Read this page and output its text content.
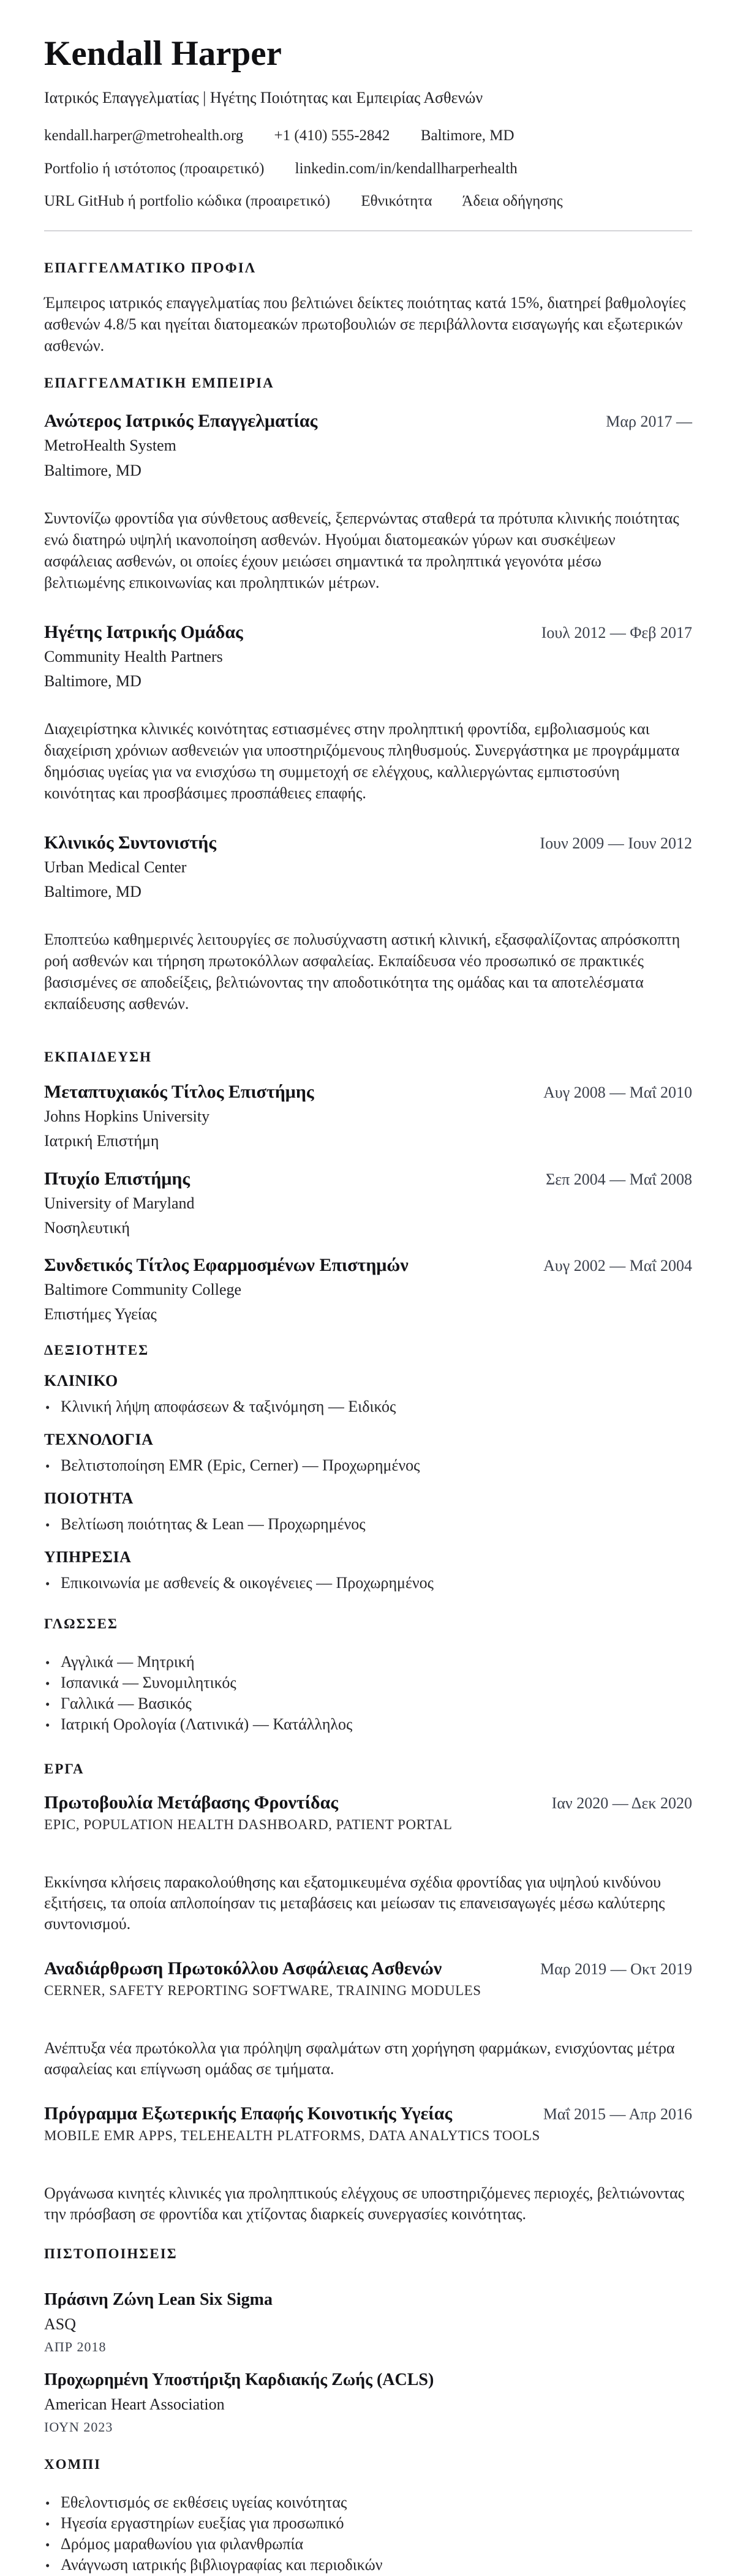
Kendall Harper

Ιατρικός Επαγγελματίας | Ηγέτης Ποιότητας και Εμπειρίας Ασθενών

kendall.harper@metrohealth.org +1 (410) 555-2842 Baltimore, MD

Portfolio ή ιστότοπος (προαιρετικό) linkedin.com/in/kendallharperhealth

URL GitHub ή portfolio κώδικα (προαιρετικό) Εθνικότητα Άδεια οδήγησης

ΕΠΑΓΓΕΛΜΑΤΙΚΟ ΠΡΟΦΙΛ

Έμπειρος ιατρικός επαγγελματίας που βελτιώνει δείκτες ποιότητας κατά 15%, διατηρεί βαθμολογίες ασθενών 4.8/5 και ηγείται διατομεακών πρωτοβουλιών σε περιβάλλοντα εισαγωγής και εξωτερικών ασθενών.

ΕΠΑΓΓΕΛΜΑΤΙΚΗ ΕΜΠΕΙΡΙΑ
Ανώτερος Ιατρικός Επαγγελματίας	Μαρ 2017 —

MetroHealth System

Baltimore, MD

Συντονίζω φροντίδα για σύνθετους ασθενείς, ξεπερνώντας σταθερά τα πρότυπα κλινικής ποιότητας ενώ διατηρώ υψηλή ικανοποίηση ασθενών. Ηγούμαι διατομεακών γύρων και συσκέψεων ασφάλειας ασθενών, οι οποίες έχουν μειώσει σημαντικά τα προληπτικά γεγονότα μέσω βελτιωμένης επικοινωνίας και προληπτικών μέτρων.

Ηγέτης Ιατρικής Ομάδας	Ιουλ 2012 — Φεβ 2017

Community Health Partners

Baltimore, MD

Διαχειρίστηκα κλινικές κοινότητας εστιασμένες στην προληπτική φροντίδα, εμβολιασμούς και διαχείριση χρόνιων ασθενειών για υποστηριζόμενους πληθυσμούς. Συνεργάστηκα με προγράμματα δημόσιας υγείας για να ενισχύσω τη συμμετοχή σε ελέγχους, καλλιεργώντας εμπιστοσύνη κοινότητας και προσβάσιμες προσπάθειες επαφής.

Κλινικός Συντονιστής	Ιουν 2009 — Ιουν 2012

Urban Medical Center

Baltimore, MD

Εποπτεύω καθημερινές λειτουργίες σε πολυσύχναστη αστική κλινική, εξασφαλίζοντας απρόσκοπτη ροή ασθενών και τήρηση πρωτοκόλλων ασφαλείας. Εκπαίδευσα νέο προσωπικό σε πρακτικές βασισμένες σε αποδείξεις, βελτιώνοντας την αποδοτικότητα της ομάδας και τα αποτελέσματα εκπαίδευσης ασθενών.

ΕΚΠΑΙΔΕΥΣΗ
Μεταπτυχιακός Τίτλος Επιστήμης	Αυγ 2008 — Μαΐ 2010

Johns Hopkins University

Ιατρική Επιστήμη

Πτυχίο Επιστήμης	Σεπ 2004 — Μαΐ 2008

University of Maryland

Νοσηλευτική

Συνδετικός Τίτλος Εφαρμοσμένων Επιστημών	Αυγ 2002 — Μαΐ 2004

Baltimore Community College

Επιστήμες Υγείας

ΔΕΞΙΟΤΗΤΕΣ
ΚΛΙΝΙΚΟ
• Κλινική λήψη αποφάσεων & ταξινόμηση — Ειδικός
ΤΕΧΝΟΛΟΓΙΑ
• Βελτιστοποίηση EMR (Epic, Cerner) — Προχωρημένος
ΠΟΙΟΤΗΤΑ
• Βελτίωση ποιότητας & Lean — Προχωρημένος
ΥΠΗΡΕΣΙΑ
• Επικοινωνία με ασθενείς & οικογένειες — Προχωρημένος
ΓΛΩΣΣΕΣ
• Αγγλικά — Μητρική
• Ισπανικά — Συνομιλητικός
• Γαλλικά — Βασικός
• Ιατρική Ορολογία (Λατινικά) — Κατάλληλος
ΕΡΓΑ
Πρωτοβουλία Μετάβασης Φροντίδας	Ιαν 2020 — Δεκ 2020

EPIC, POPULATION HEALTH DASHBOARD, PATIENT PORTAL

Εκκίνησα κλήσεις παρακολούθησης και εξατομικευμένα σχέδια φροντίδας για υψηλού κινδύνου εξιτήσεις, τα οποία απλοποίησαν τις μεταβάσεις και μείωσαν τις επανεισαγωγές μέσω καλύτερης συντονισμού.

Αναδιάρθρωση Πρωτοκόλλου Ασφάλειας Ασθενών	Μαρ 2019 — Οκτ 2019

CERNER, SAFETY REPORTING SOFTWARE, TRAINING MODULES

Ανέπτυξα νέα πρωτόκολλα για πρόληψη σφαλμάτων στη χορήγηση φαρμάκων, ενισχύοντας μέτρα ασφαλείας και επίγνωση ομάδας σε τμήματα.

Πρόγραμμα Εξωτερικής Επαφής Κοινοτικής Υγείας	Μαΐ 2015 — Απρ 2016

MOBILE EMR APPS, TELEHEALTH PLATFORMS, DATA ANALYTICS TOOLS

Οργάνωσα κινητές κλινικές για προληπτικούς ελέγχους σε υποστηριζόμενες περιοχές, βελτιώνοντας την πρόσβαση σε φροντίδα και χτίζοντας διαρκείς συνεργασίες κοινότητας.

ΠΙΣΤΟΠΟΙΗΣΕΙΣ
Πράσινη Ζώνη Lean Six Sigma

ASQ

ΑΠΡ 2018

Προχωρημένη Υποστήριξη Καρδιακής Ζωής (ACLS)

American Heart Association

ΙΟΥΝ 2023

ΧΟΜΠΙ
• Εθελοντισμός σε εκθέσεις υγείας κοινότητας
• Ηγεσία εργαστηρίων ευεξίας για προσωπικό
• Δρόμος μαραθωνίου για φιλανθρωπία
• Ανάγνωση ιατρικής βιβλιογραφίας και περιοδικών
